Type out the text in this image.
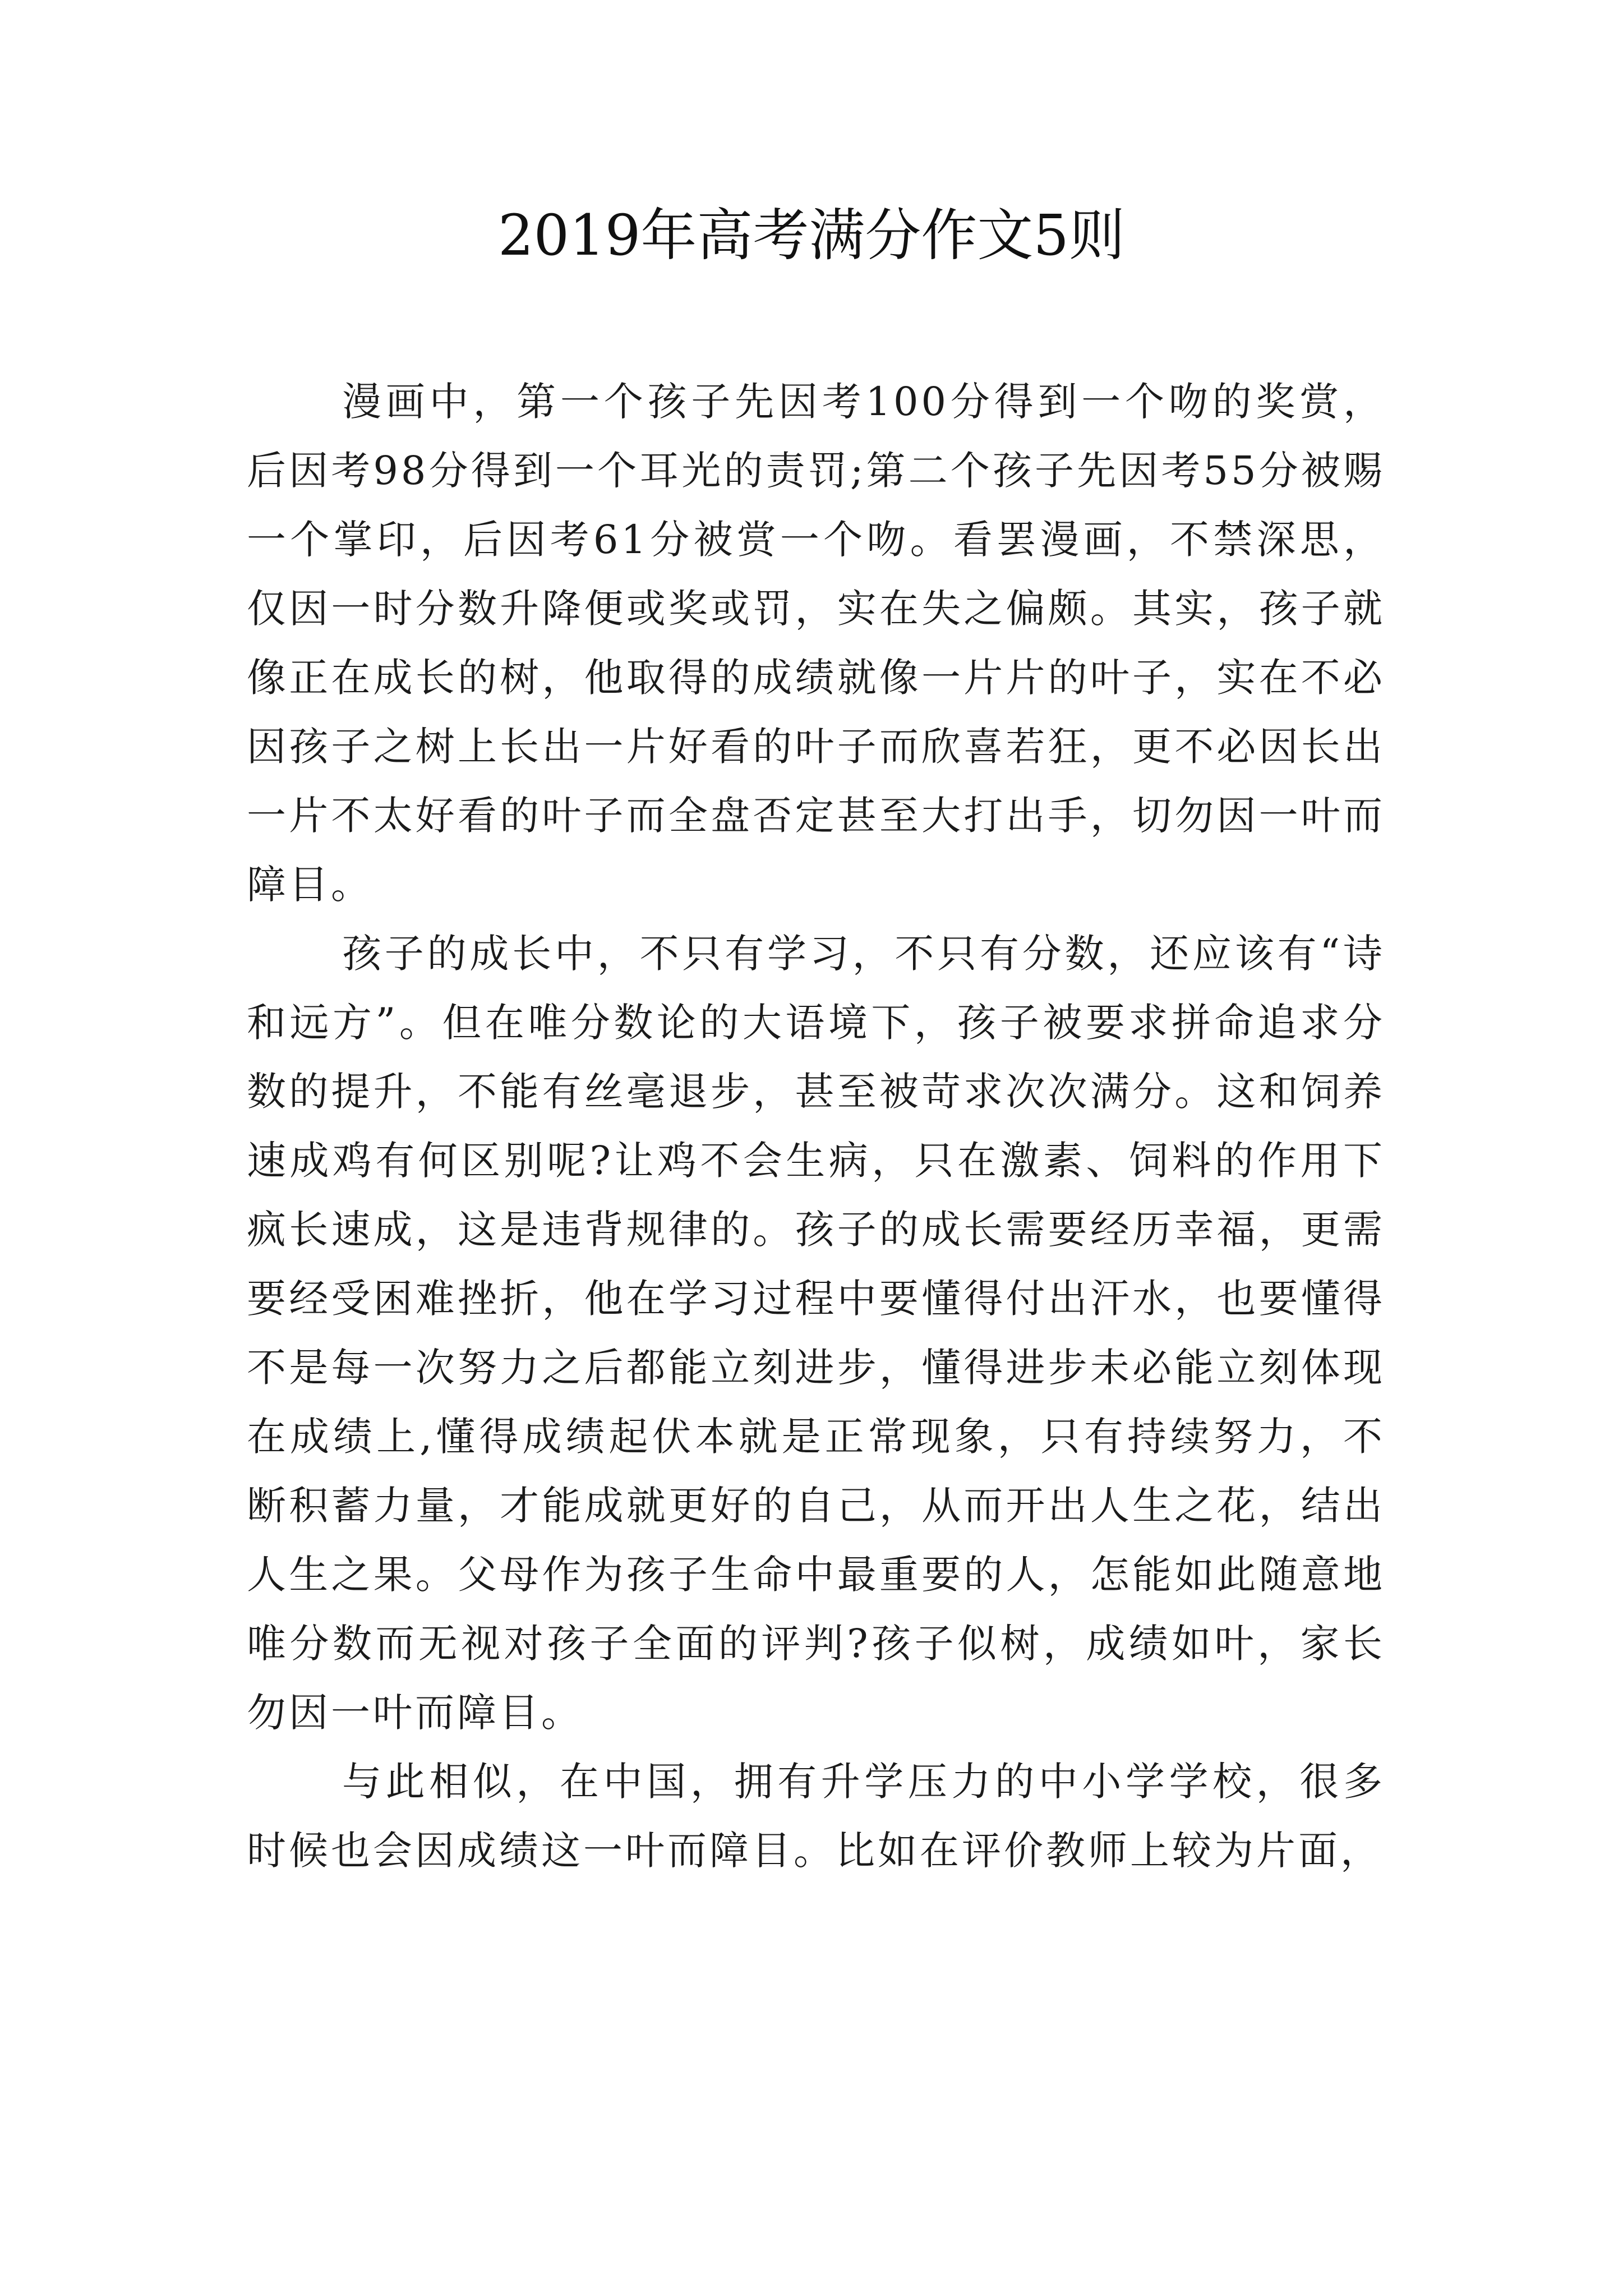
2019年高考满分作文5则

漫画中，第一个孩子先因考100分得到一个吻的奖赏，后因考98分得到一个耳光的责罚;第二个孩子先因考55分被赐一个掌印，后因考61分被赏一个吻。看罢漫画，不禁深思，仅因一时分数升降便或奖或罚，实在失之偏颇。其实，孩子就像正在成长的树，他取得的成绩就像一片片的叶子，实在不必因孩子之树上长出一片好看的叶子而欣喜若狂，更不必因长出一片不太好看的叶子而全盘否定甚至大打出手，切勿因一叶而障目。

孩子的成长中，不只有学习，不只有分数，还应该有“诗和远方”。但在唯分数论的大语境下，孩子被要求拼命追求分数的提升，不能有丝毫退步，甚至被苛求次次满分。这和饲养速成鸡有何区别呢?让鸡不会生病，只在激素、饲料的作用下疯长速成，这是违背规律的。孩子的成长需要经历幸福，更需要经受困难挫折，他在学习过程中要懂得付出汗水，也要懂得不是每一次努力之后都能立刻进步，懂得进步未必能立刻体现在成绩上,懂得成绩起伏本就是正常现象，只有持续努力，不断积蓄力量，才能成就更好的自己，从而开出人生之花，结出人生之果。父母作为孩子生命中最重要的人，怎能如此随意地唯分数而无视对孩子全面的评判?孩子似树，成绩如叶，家长勿因一叶而障目。

与此相似，在中国，拥有升学压力的中小学学校，很多时候也会因成绩这一叶而障目。比如在评价教师上较为片面，
